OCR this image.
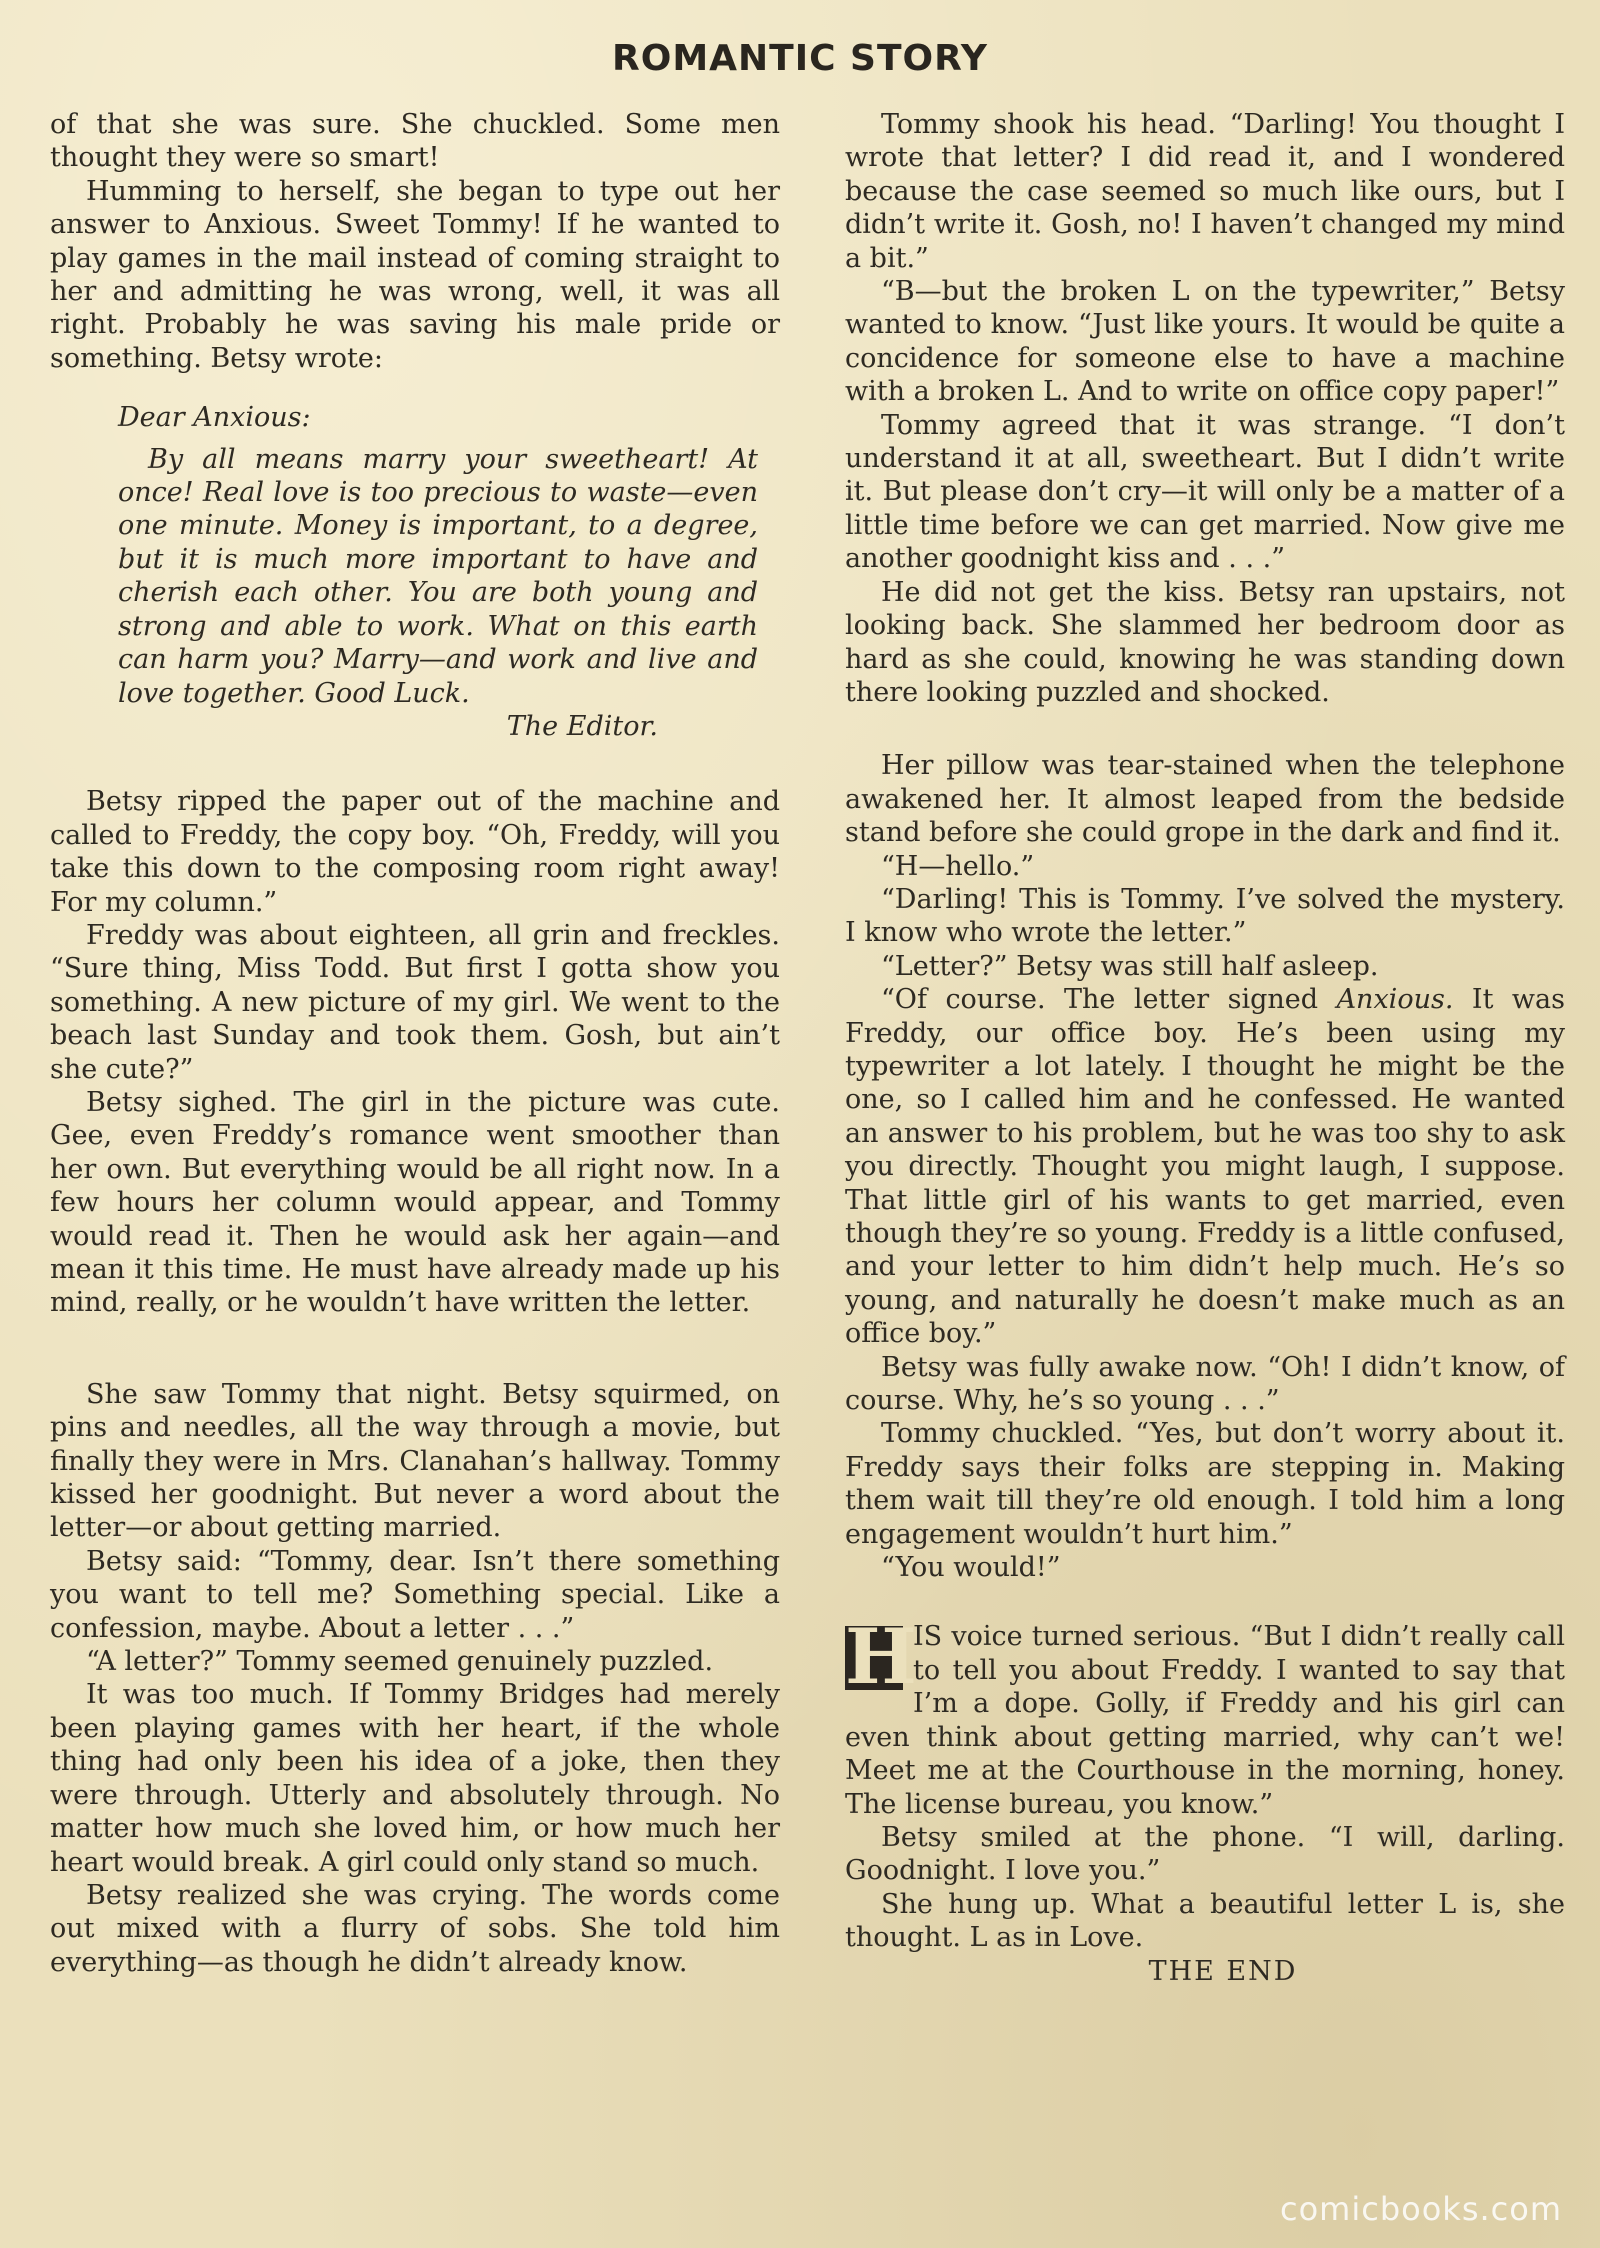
ROMANTIC STORY

of that she was sure. She chuckled. Some men thought they were so smart!

Humming to herself, she began to type out her answer to Anxious. Sweet Tommy! If he wanted to play games in the mail instead of coming straight to her and admitting he was wrong, well, it was all right. Probably he was saving his male pride or something. Betsy wrote:

Dear Anxious:

By all means marry your sweetheart! At once! Real love is too precious to waste—even one minute. Money is important, to a degree, but it is much more important to have and cherish each other. You are both young and strong and able to work. What on this earth can harm you? Marry—and work and live and love together. Good Luck.

The Editor.

Betsy ripped the paper out of the machine and called to Freddy, the copy boy. “Oh, Freddy, will you take this down to the composing room right away! For my column.”

Freddy was about eighteen, all grin and freckles. “Sure thing, Miss Todd. But first I gotta show you something. A new picture of my girl. We went to the beach last Sunday and took them. Gosh, but ain’t she cute?”

Betsy sighed. The girl in the picture was cute. Gee, even Freddy’s romance went smoother than her own. But everything would be all right now. In a few hours her column would appear, and Tommy would read it. Then he would ask her again—and mean it this time. He must have already made up his mind, really, or he wouldn’t have written the letter.

She saw Tommy that night. Betsy squirmed, on pins and needles, all the way through a movie, but finally they were in Mrs. Clanahan’s hallway. Tommy kissed her goodnight. But never a word about the letter—or about getting married.

Betsy said: “Tommy, dear. Isn’t there something you want to tell me? Something special. Like a confession, maybe. About a letter . . .”

“A letter?” Tommy seemed genuinely puzzled.

It was too much. If Tommy Bridges had merely been playing games with her heart, if the whole thing had only been his idea of a joke, then they were through. Utterly and absolutely through. No matter how much she loved him, or how much her heart would break. A girl could only stand so much.

Betsy realized she was crying. The words come out mixed with a flurry of sobs. She told him everything—as though he didn’t already know.

Tommy shook his head. “Darling! You thought I wrote that letter? I did read it, and I wondered because the case seemed so much like ours, but I didn’t write it. Gosh, no! I haven’t changed my mind a bit.”

“B—but the broken L on the typewriter,” Betsy wanted to know. “Just like yours. It would be quite a concidence for someone else to have a machine with a broken L. And to write on office copy paper!”

Tommy agreed that it was strange. “I don’t understand it at all, sweetheart. But I didn’t write it. But please don’t cry—it will only be a matter of a little time before we can get married. Now give me another goodnight kiss and . . .”

He did not get the kiss. Betsy ran upstairs, not looking back. She slammed her bedroom door as hard as she could, knowing he was standing down there looking puzzled and shocked.

Her pillow was tear-stained when the telephone awakened her. It almost leaped from the bedside stand before she could grope in the dark and find it.

“H—hello.”

“Darling! This is Tommy. I’ve solved the mystery. I know who wrote the letter.”

“Letter?” Betsy was still half asleep.

“Of course. The letter signed Anxious. It was Freddy, our office boy. He’s been using my typewriter a lot lately. I thought he might be the one, so I called him and he confessed. He wanted an answer to his problem, but he was too shy to ask you directly. Thought you might laugh, I suppose. That little girl of his wants to get married, even though they’re so young. Freddy is a little confused, and your letter to him didn’t help much. He’s so young, and naturally he doesn’t make much as an office boy.”

Betsy was fully awake now. “Oh! I didn’t know, of course. Why, he’s so young . . .”

Tommy chuckled. “Yes, but don’t worry about it. Freddy says their folks are stepping in. Making them wait till they’re old enough. I told him a long engagement wouldn’t hurt him.”

“You would!”

H
IS voice turned serious. “But I didn’t really call to tell you about Freddy. I wanted to say that I’m a dope. Golly, if Freddy and his girl can even think about getting married, why can’t we! Meet me at the Courthouse in the morning, honey. The license bureau, you know.”

Betsy smiled at the phone. “I will, darling. Goodnight. I love you.”

She hung up. What a beautiful letter L is, she thought. L as in Love.

THE END

comicbooks.com
